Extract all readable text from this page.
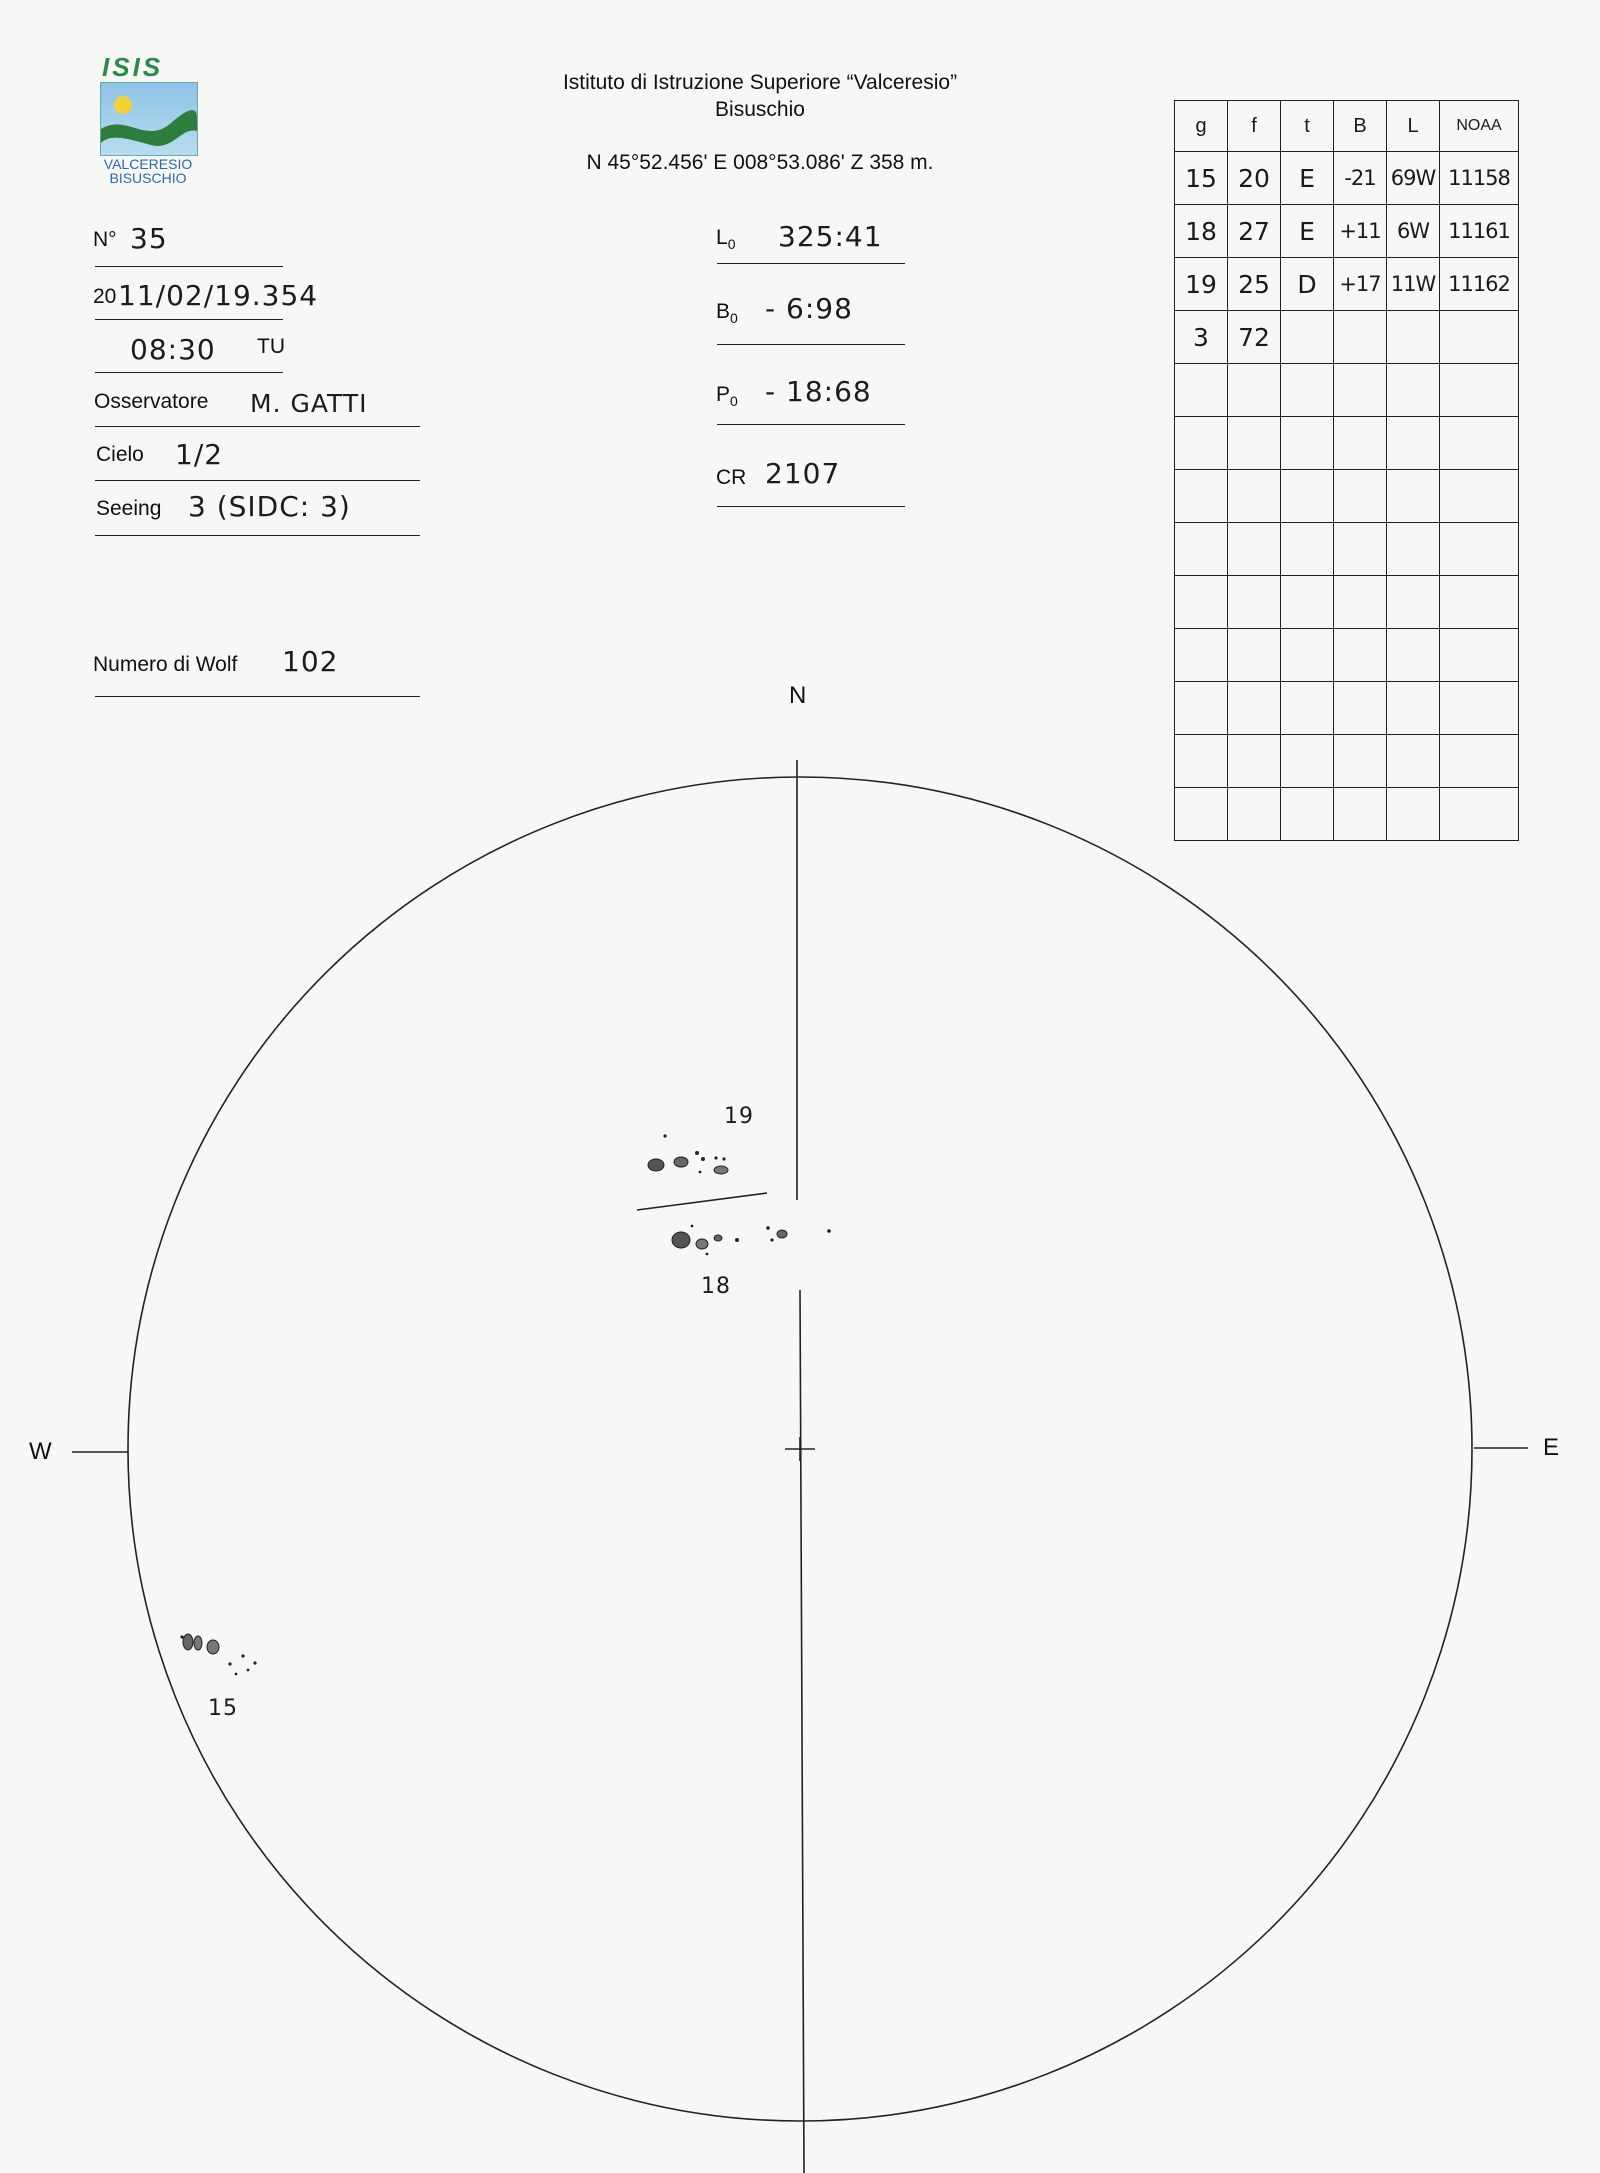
ISIS
VALCERESIO
BISUSCHIO
Istituto di Istruzione Superiore “Valceresio”
Bisuschio
N 45°52.456' E 008°53.086' Z 358 m.
N° 35
20 11/02/19.354
08:30 TU
Osservatore M. GATTI
Cielo 1/2
Seeing 3 (SIDC: 3)
Numero di Wolf 102
$L_0$ 325:41
$B_0$ - 6:98
$P_0$ - 18:68
CR 2107
g	f	t	B	L	NOAA
15	20	E	-21	69W	11158
18	27	E	+11	6W	11161
19	25	D	+17	11W	11162
3	72				

N
W	E
19
18
15
